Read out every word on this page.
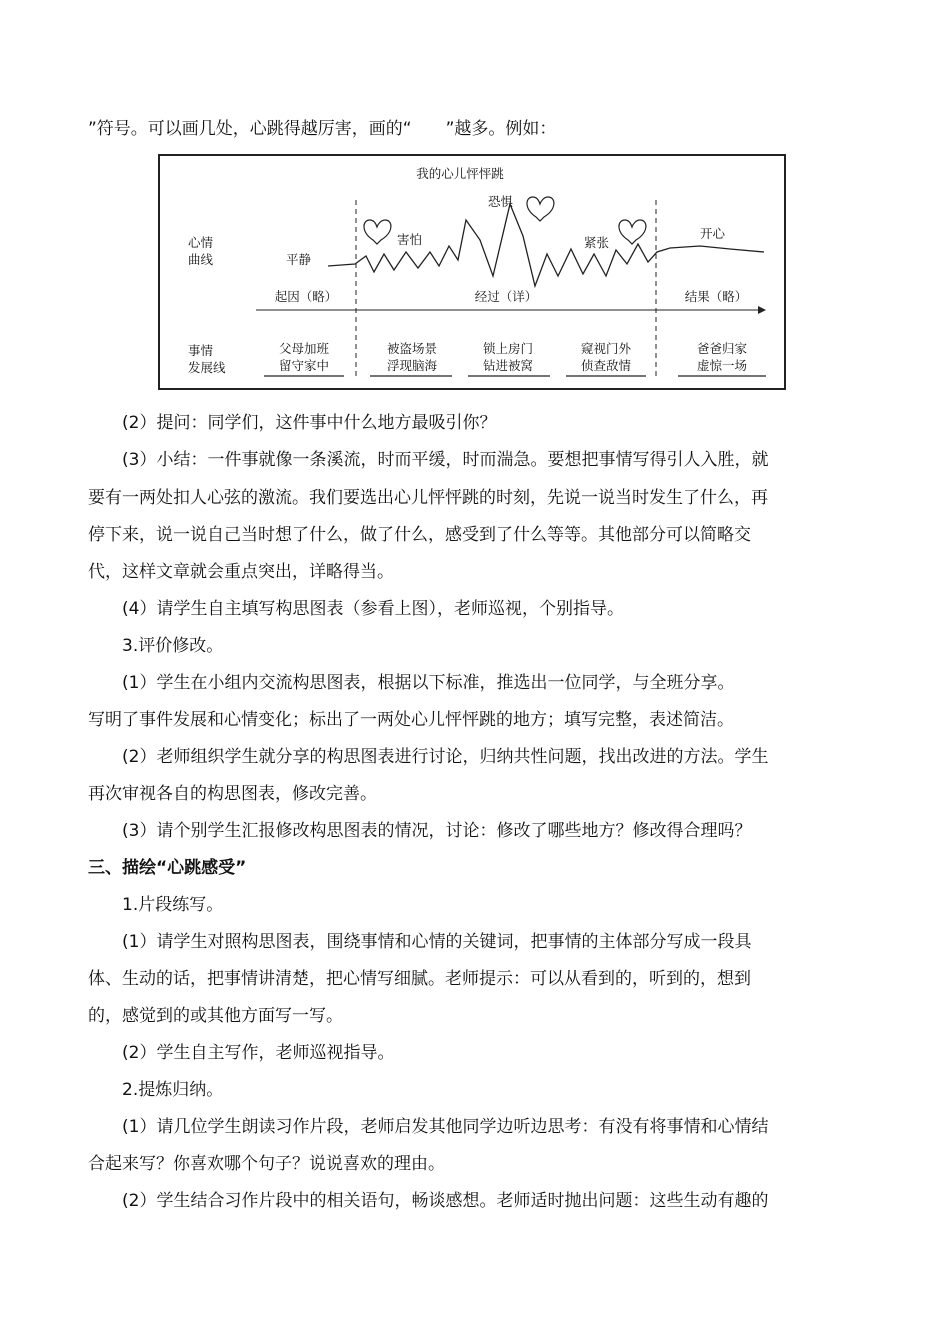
”符号。可以画几处，心跳得越厉害，画的“　　”越多。例如：
我的心儿怦怦跳
心情
曲线
事情
发展线
起因（略）	经过（详）	结果（略）
平静
害怕
恐惧
紧张
开心
父母加班
留守家中
被盗场景
浮现脑海
锁上房门
钻进被窝
窥视门外
侦查敌情
爸爸归家
虚惊一场
(2）提问：同学们，这件事中什么地方最吸引你？
(3）小结：一件事就像一条溪流，时而平缓，时而湍急。要想把事情写得引人入胜，就
要有一两处扣人心弦的激流。我们要选出心儿怦怦跳的时刻，先说一说当时发生了什么，再
停下来，说一说自己当时想了什么，做了什么，感受到了什么等等。其他部分可以简略交
代，这样文章就会重点突出，详略得当。
(4）请学生自主填写构思图表（参看上图），老师巡视，个别指导。
3.评价修改。
(1）学生在小组内交流构思图表，根据以下标准，推选出一位同学，与全班分享。
写明了事件发展和心情变化；标出了一两处心儿怦怦跳的地方；填写完整，表述简洁。
(2）老师组织学生就分享的构思图表进行讨论，归纳共性问题，找出改进的方法。学生
再次审视各自的构思图表，修改完善。
(3）请个别学生汇报修改构思图表的情况，讨论：修改了哪些地方？修改得合理吗？
三、描绘“心跳感受”
1.片段练写。
(1）请学生对照构思图表，围绕事情和心情的关键词，把事情的主体部分写成一段具
体、生动的话，把事情讲清楚，把心情写细腻。老师提示：可以从看到的，听到的，想到
的，感觉到的或其他方面写一写。
(2）学生自主写作，老师巡视指导。
2.提炼归纳。
(1）请几位学生朗读习作片段，老师启发其他同学边听边思考：有没有将事情和心情结
合起来写？你喜欢哪个句子？说说喜欢的理由。
(2）学生结合习作片段中的相关语句，畅谈感想。老师适时抛出问题：这些生动有趣的
